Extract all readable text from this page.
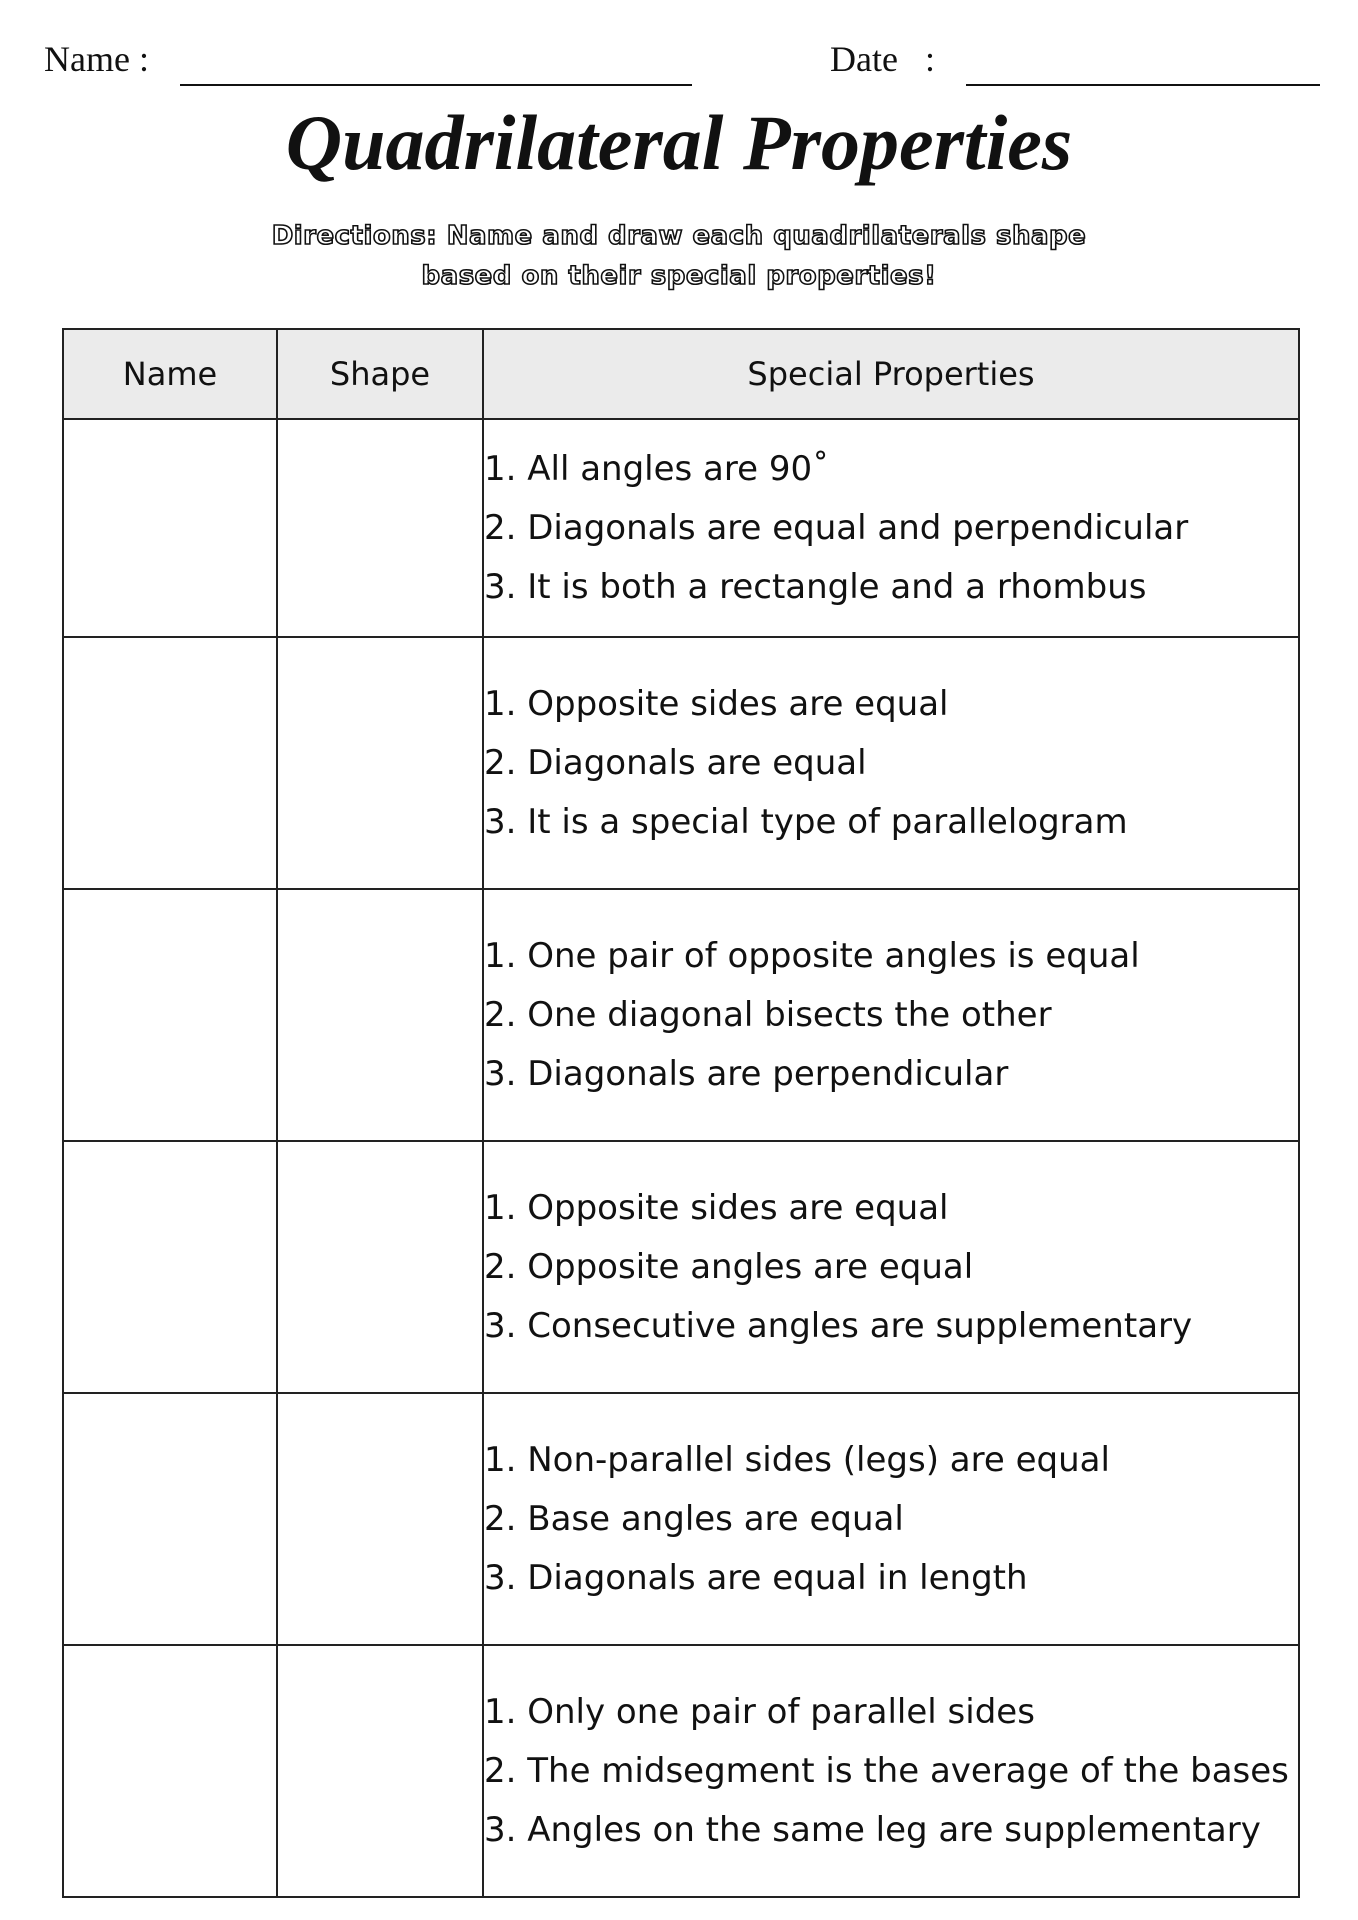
Name :	Date   :
Quadrilateral Properties
Directions: Name and draw each quadrilaterals shape
based on their special properties!
Name	Shape	Special Properties

		1. All angles are 90˚
2. Diagonals are equal and perpendicular
3. It is both a rectangle and a rhombus

		1. Opposite sides are equal
2. Diagonals are equal
3. It is a special type of parallelogram

		1. One pair of opposite angles is equal
2. One diagonal bisects the other
3. Diagonals are perpendicular

		1. Opposite sides are equal
2. Opposite angles are equal
3. Consecutive angles are supplementary

		1. Non-parallel sides (legs) are equal
2. Base angles are equal
3. Diagonals are equal in length

		1. Only one pair of parallel sides
2. The midsegment is the average of the bases
3. Angles on the same leg are supplementary
